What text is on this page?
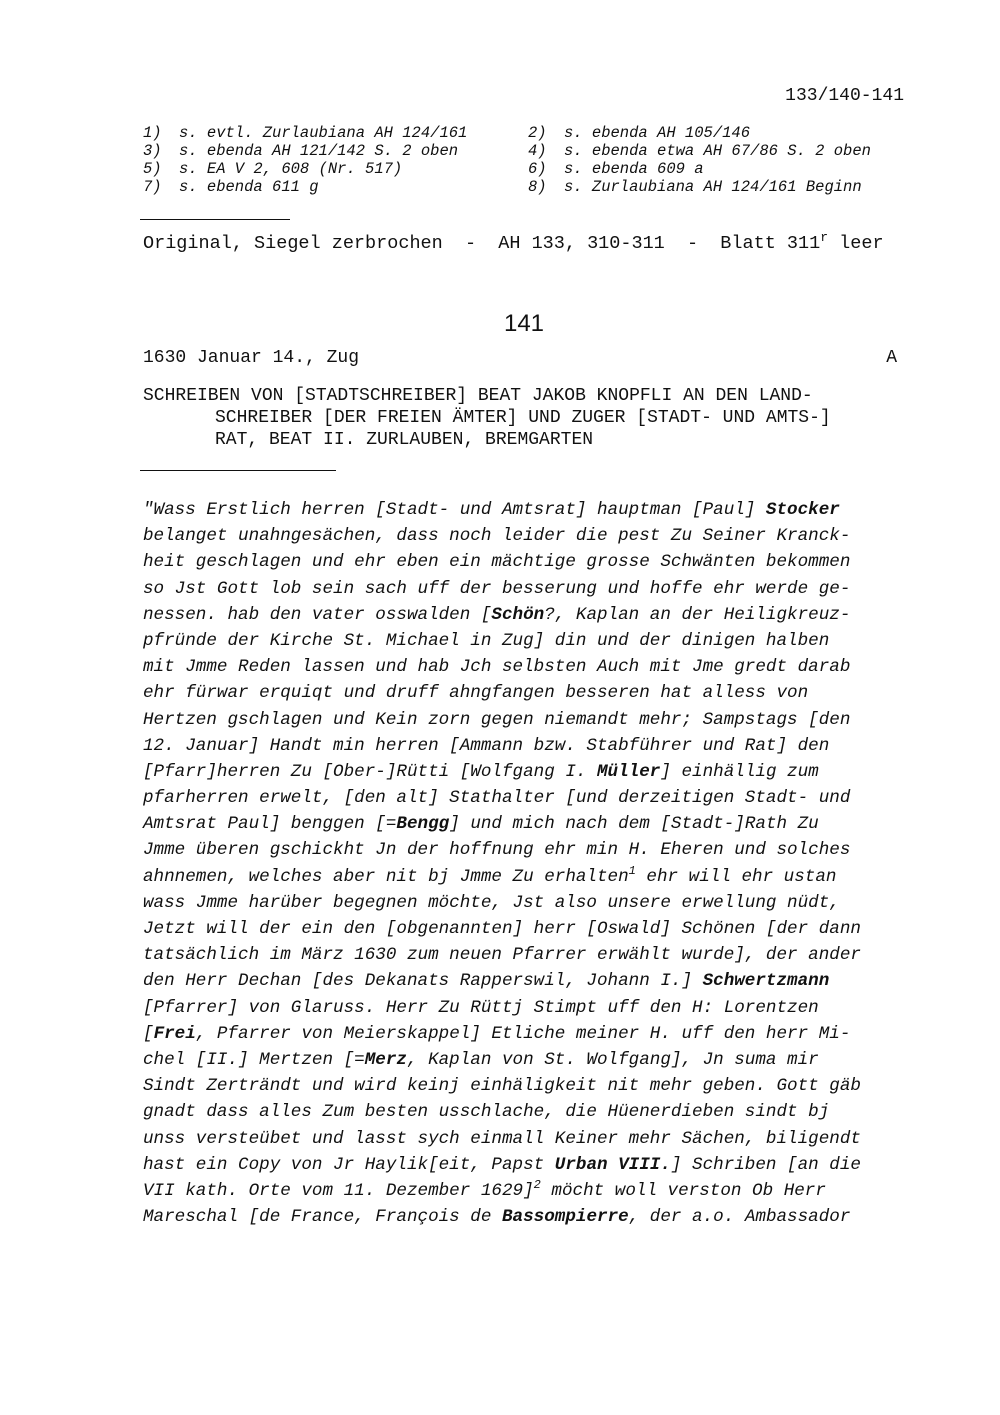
133/140-141
1)	s. evtl. Zurlaubiana AH 124/161	2)	s. ebenda AH 105/146
3)	s. ebenda AH 121/142 S. 2 oben	4)	s. ebenda etwa AH 67/86 S. 2 oben
5)	s. EA V 2, 608 (Nr. 517)	6)	s. ebenda 609 a
7)	s. ebenda 611 g	8)	s. Zurlaubiana AH 124/161 Beginn
Original, Siegel zerbrochen  -  AH 133, 310-311  -  Blatt 311$^r$ leer
141
1630 Januar 14., Zug	A
SCHREIBEN VON [STADTSCHREIBER] BEAT JAKOB KNOPFLI AN DEN LAND-
SCHREIBER [DER FREIEN ÄMTER] UND ZUGER [STADT- UND AMTS-]
RAT, BEAT II. ZURLAUBEN, BREMGARTEN
"Wass Erstlich herren [Stadt- und Amtsrat] hauptman [Paul] Stocker
belanget unahngesächen, dass noch leider die pest Zu Seiner Kranck-
heit geschlagen und ehr eben ein mächtige grosse Schwänten bekommen
so Jst Gott lob sein sach uff der besserung und hoffe ehr werde ge-
nessen. hab den vater osswalden [Schön?, Kaplan an der Heiligkreuz-
pfründe der Kirche St. Michael in Zug] din und der dinigen halben
mit Jmme Reden lassen und hab Jch selbsten Auch mit Jme gredt darab
ehr fürwar erquiqt und druff ahngfangen besseren hat alless von
Hertzen gschlagen und Kein zorn gegen niemandt mehr; Sampstags [den
12. Januar] Handt min herren [Ammann bzw. Stabführer und Rat] den
[Pfarr]herren Zu [Ober-]Rütti [Wolfgang I. Müller] einhällig zum
pfarherren erwelt, [den alt] Stathalter [und derzeitigen Stadt- und
Amtsrat Paul] benggen [=Bengg] und mich nach dem [Stadt-]Rath Zu
Jmme überen gschickht Jn der hoffnung ehr min H. Eheren und solches
ahnnemen, welches aber nit bj Jmme Zu erhalten$^1$ ehr will ehr ustan
wass Jmme harüber begegnen möchte, Jst also unsere erwellung nüdt,
Jetzt will der ein den [obgenannten] herr [Oswald] Schönen [der dann
tatsächlich im März 1630 zum neuen Pfarrer erwählt wurde], der ander
den Herr Dechan [des Dekanats Rapperswil, Johann I.] Schwertzmann
[Pfarrer] von Glaruss. Herr Zu Rüttj Stimpt uff den H: Lorentzen
[Frei, Pfarrer von Meierskappel] Etliche meiner H. uff den herr Mi-
chel [II.] Mertzen [=Merz, Kaplan von St. Wolfgang], Jn suma mir
Sindt Zerträndt und wird keinj einhäligkeit nit mehr geben. Gott gäb
gnadt dass alles Zum besten usschlache, die Hüenerdieben sindt bj
unss versteübet und lasst sych einmall Keiner mehr Sächen, biligendt
hast ein Copy von Jr Haylik[eit, Papst Urban VIII.] Schriben [an die
VII kath. Orte vom 11. Dezember 1629]$^2$ möcht woll verston Ob Herr
Mareschal [de France, François de Bassompierre, der a.o. Ambassador
